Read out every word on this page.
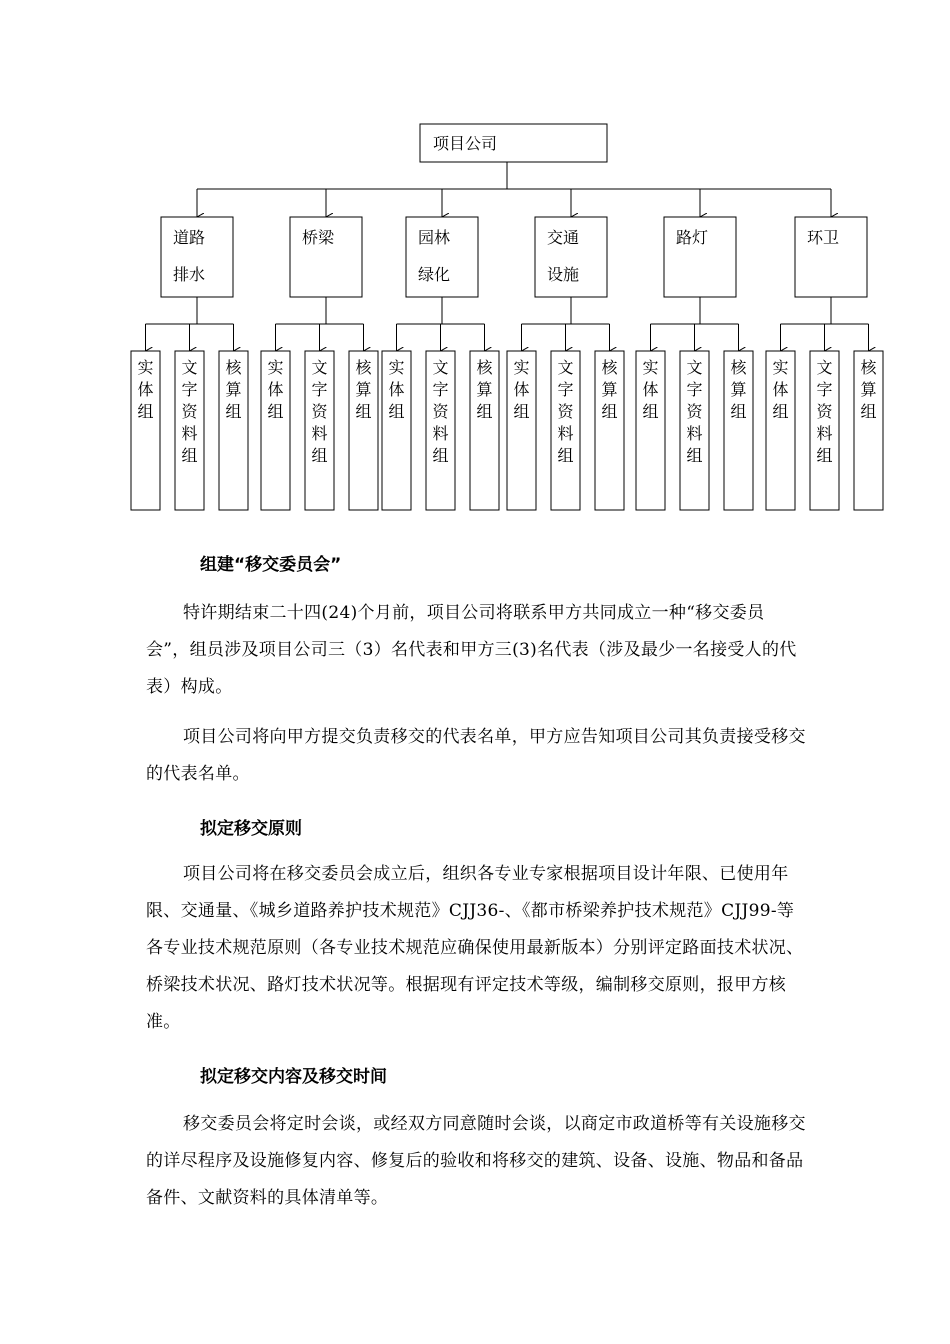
项目公司
道路
排水
实
体
组
文
字
资
料
组
核
算
组
桥梁
实
体
组
文
字
资
料
组
核
算
组
园林
绿化
实
体
组
文
字
资
料
组
核
算
组
交通
设施
实
体
组
文
字
资
料
组
核
算
组
路灯
实
体
组
文
字
资
料
组
核
算
组
环卫
实
体
组
文
字
资
料
组
核
算
组
组建“移交委员会”

特许期结束二十四(24)个月前，项目公司将联系甲方共同成立一种“移交委员会”，组员涉及项目公司三（3）名代表和甲方三(3)名代表（涉及最少一名接受人的代表）构成。

项目公司将向甲方提交负责移交的代表名单，甲方应告知项目公司其负责接受移交的代表名单。

拟定移交原则

项目公司将在移交委员会成立后，组织各专业专家根据项目设计年限、已使用年限、交通量、《城乡道路养护技术规范》CJJ36-、《都市桥梁养护技术规范》CJJ99-等各专业技术规范原则（各专业技术规范应确保使用最新版本）分别评定路面技术状况、桥梁技术状况、路灯技术状况等。根据现有评定技术等级，编制移交原则，报甲方核准。

拟定移交内容及移交时间

移交委员会将定时会谈，或经双方同意随时会谈，以商定市政道桥等有关设施移交的详尽程序及设施修复内容、修复后的验收和将移交的建筑、设备、设施、物品和备品备件、文献资料的具体清单等。
